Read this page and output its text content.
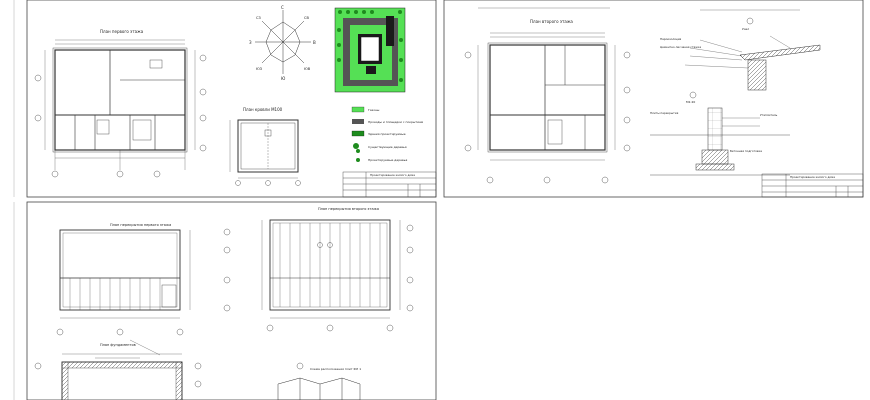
План первого этажа
С
Ю
В
З
СВ
СЗ
ЮВ
ЮЗ
План кровли М100	Газоны
Проезды и площадки с покрытием
Здания проектируемые
Существующие деревья
Проектируемые деревья
Проектирование жилого дома
План второго этажа
Узел
Пароизоляция
Цементно-песчаная стяжка
М1:20
Плиты перекрытия	Утеплитель
Бетонная подготовка
Проектирование жилого дома
План перекрытия первого этажа
План перекрытия второго этажа
План фундаментов
Схема расположения плит ФЛ 1
